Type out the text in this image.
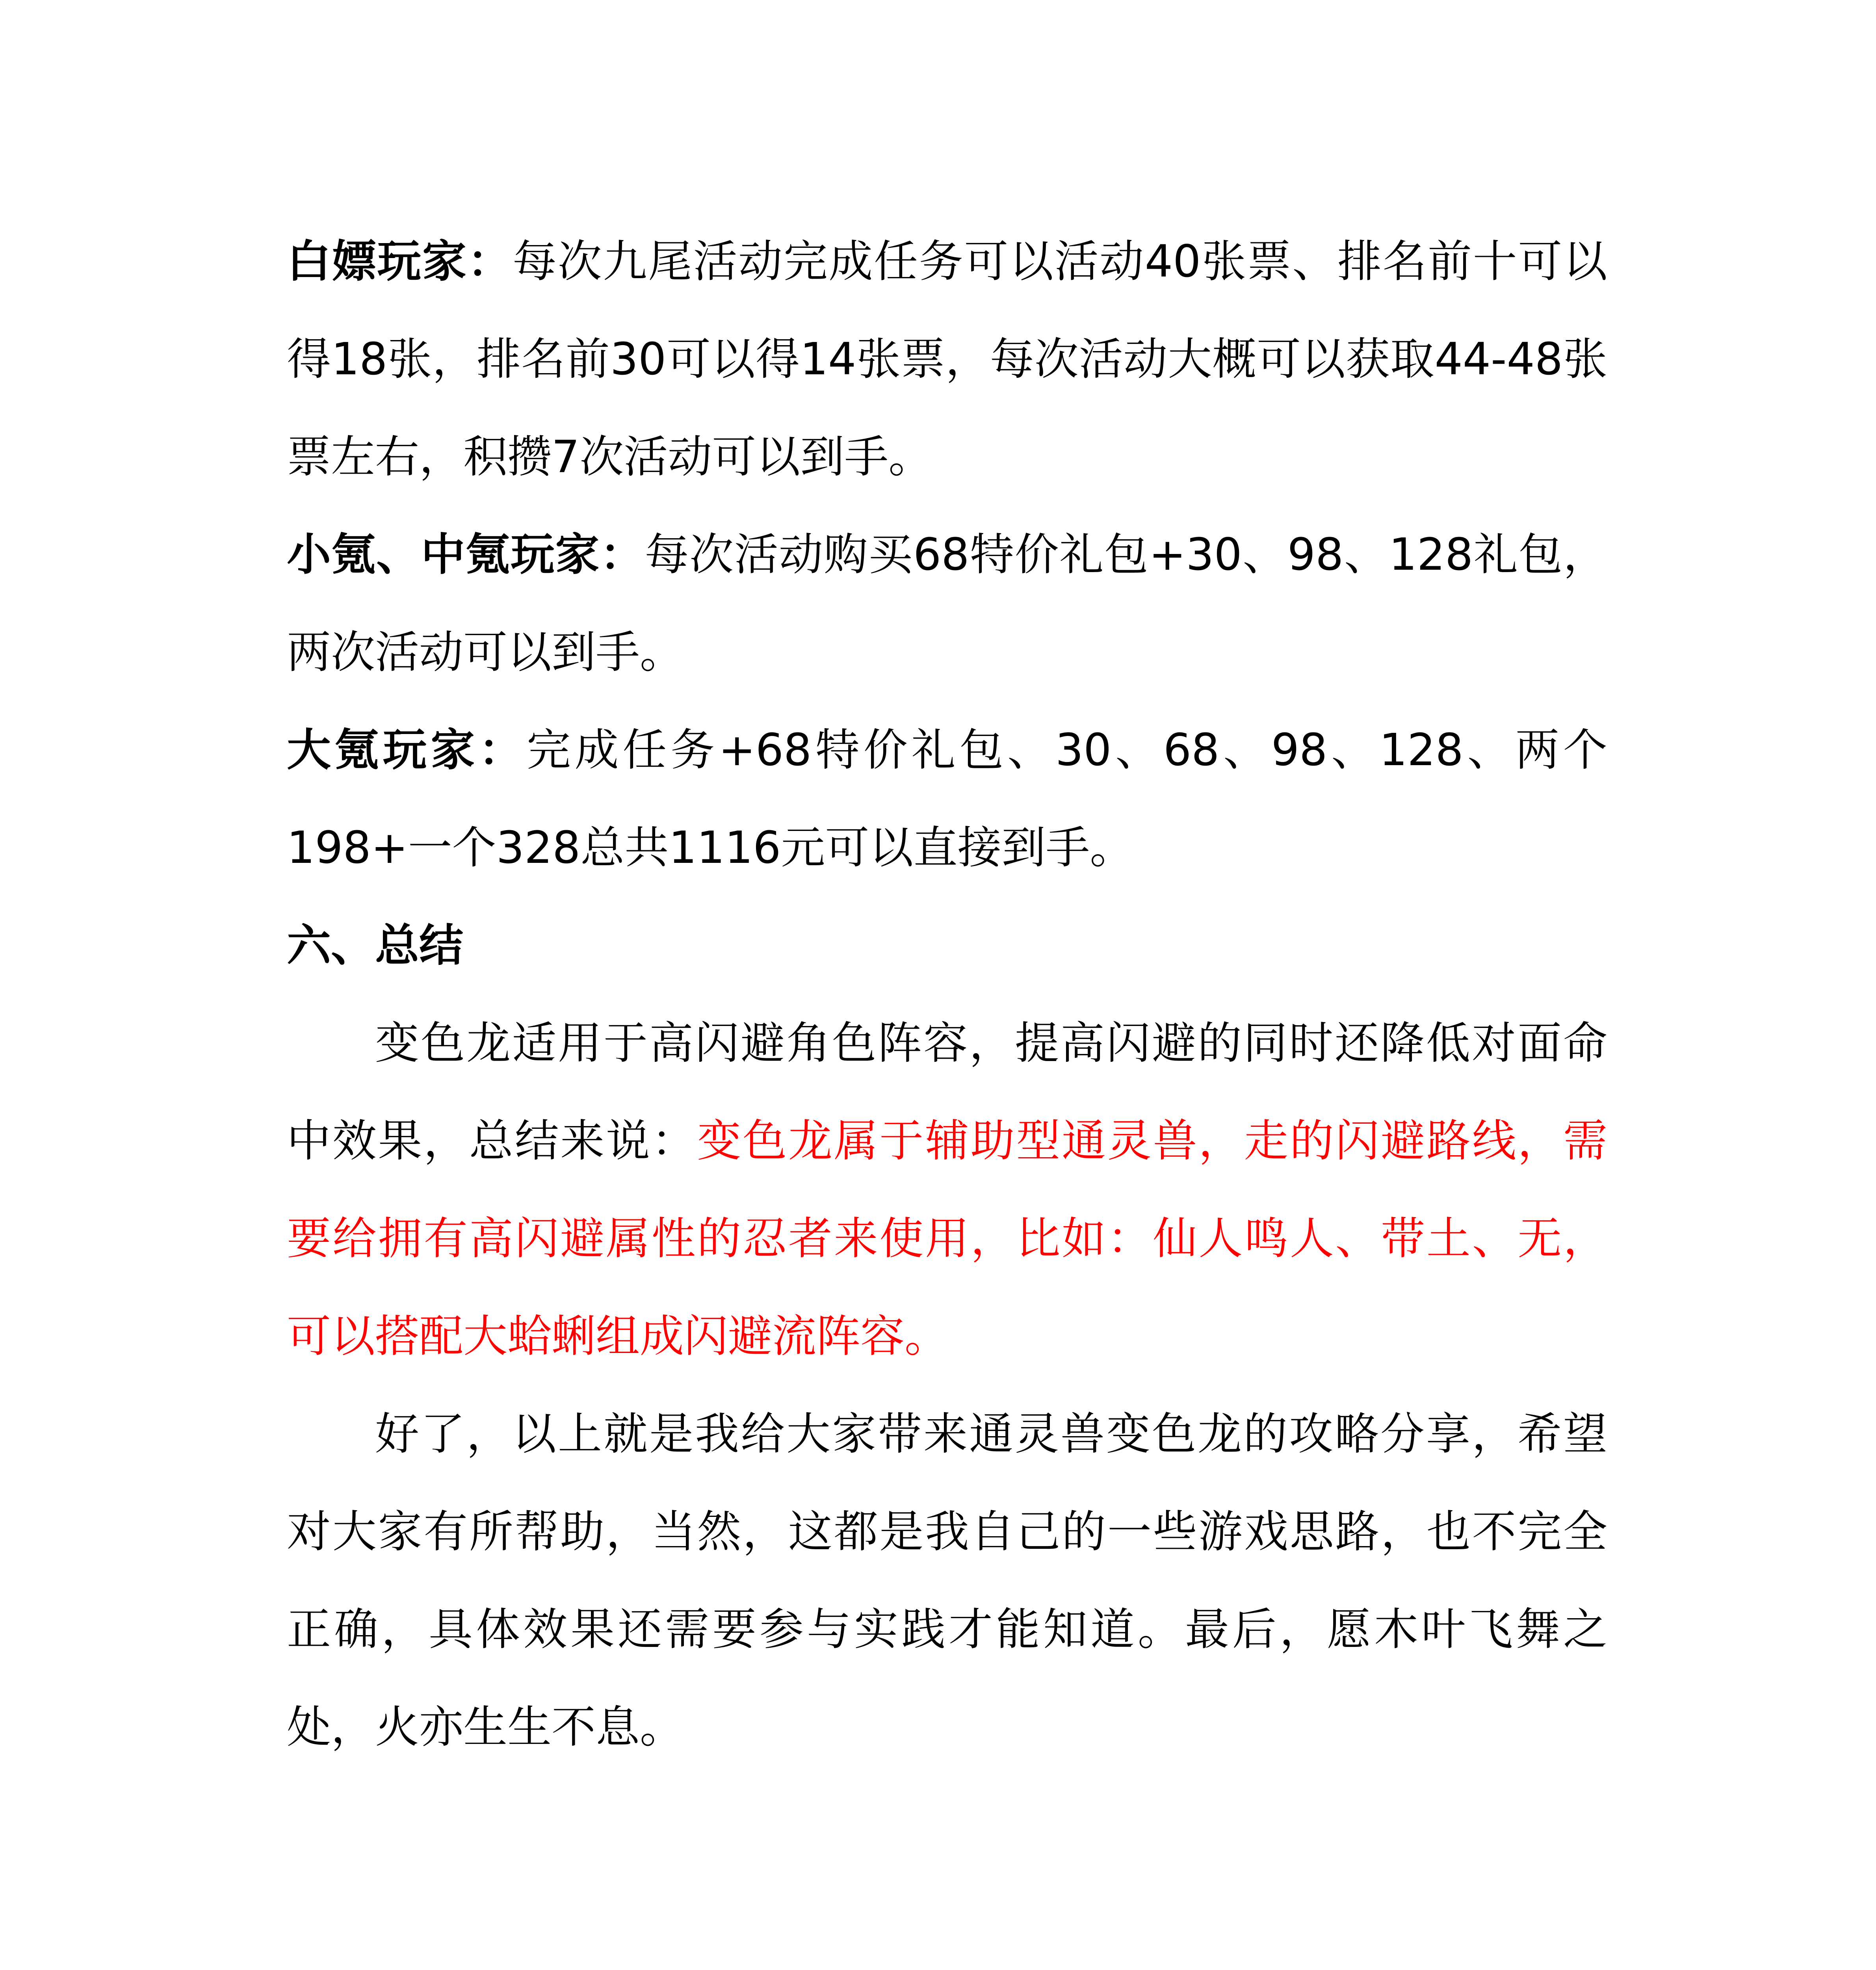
白嫖玩家：每次九尾活动完成任务可以活动40张票、排名前十可以得18张，排名前30可以得14张票，每次活动大概可以获取44-48张票左右，积攒7次活动可以到手。

小氪、中氪玩家：每次活动购买68特价礼包+30、98、128礼包，两次活动可以到手。

大氪玩家：完成任务+68特价礼包、30、68、98、128、两个198+一个328总共1116元可以直接到手。

六、总结

变色龙适用于高闪避角色阵容，提高闪避的同时还降低对面命中效果，总结来说：变色龙属于辅助型通灵兽，走的闪避路线，需要给拥有高闪避属性的忍者来使用，比如：仙人鸣人、带土、无，可以搭配大蛤蜊组成闪避流阵容。

好了，以上就是我给大家带来通灵兽变色龙的攻略分享，希望对大家有所帮助，当然，这都是我自己的一些游戏思路，也不完全正确，具体效果还需要参与实践才能知道。最后，愿木叶飞舞之处，火亦生生不息。
